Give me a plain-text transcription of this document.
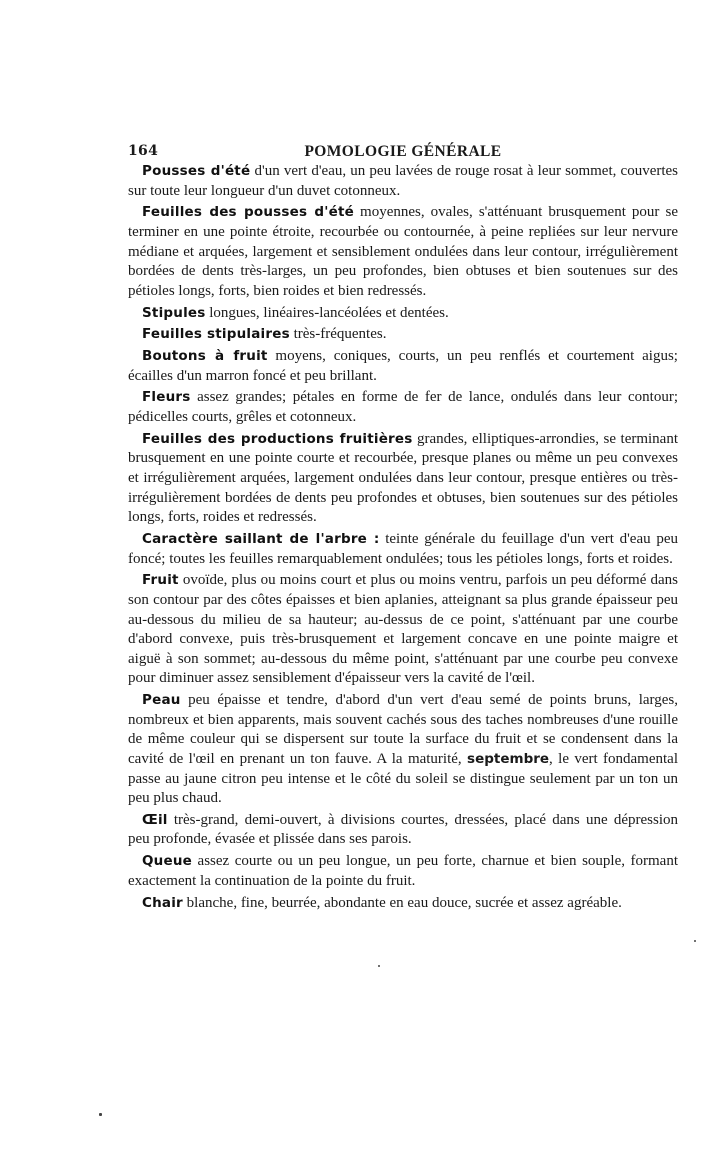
164	POMOLOGIE GÉNÉRALE

Pousses d'été d'un vert d'eau, un peu lavées de rouge rosat à leur sommet, couvertes sur toute leur longueur d'un duvet cotonneux.

Feuilles des pousses d'été moyennes, ovales, s'atténuant brusquement pour se terminer en une pointe étroite, recourbée ou contournée, à peine repliées sur leur nervure médiane et arquées, largement et sensiblement ondulées dans leur contour, irrégulièrement bordées de dents très-larges, un peu profondes, bien obtuses et bien soutenues sur des pétioles longs, forts, bien roides et bien redressés.

Stipules longues, linéaires-lancéolées et dentées.

Feuilles stipulaires très-fréquentes.

Boutons à fruit moyens, coniques, courts, un peu renflés et courtement aigus; écailles d'un marron foncé et peu brillant.

Fleurs assez grandes; pétales en forme de fer de lance, ondulés dans leur contour; pédicelles courts, grêles et cotonneux.

Feuilles des productions fruitières grandes, elliptiques-arrondies, se terminant brusquement en une pointe courte et recourbée, presque planes ou même un peu convexes et irrégulièrement arquées, largement ondulées dans leur contour, presque entières ou très-irrégulièrement bordées de dents peu profondes et obtuses, bien soutenues sur des pétioles longs, forts, roides et redressés.

Caractère saillant de l'arbre : teinte générale du feuillage d'un vert d'eau peu foncé; toutes les feuilles remarquablement ondulées; tous les pétioles longs, forts et roides.

Fruit ovoïde, plus ou moins court et plus ou moins ventru, parfois un peu déformé dans son contour par des côtes épaisses et bien aplanies, atteignant sa plus grande épaisseur peu au-dessous du milieu de sa hauteur; au-dessus de ce point, s'atténuant par une courbe d'abord convexe, puis très-brusquement et largement concave en une pointe maigre et aiguë à son sommet; au-dessous du même point, s'atténuant par une courbe peu convexe pour diminuer assez sensiblement d'épaisseur vers la cavité de l'œil.

Peau peu épaisse et tendre, d'abord d'un vert d'eau semé de points bruns, larges, nombreux et bien apparents, mais souvent cachés sous des taches nombreuses d'une rouille de même couleur qui se dispersent sur toute la surface du fruit et se condensent dans la cavité de l'œil en prenant un ton fauve. A la maturité, septembre, le vert fondamental passe au jaune citron peu intense et le côté du soleil se distingue seulement par un ton un peu plus chaud.

Œil très-grand, demi-ouvert, à divisions courtes, dressées, placé dans une dépression peu profonde, évasée et plissée dans ses parois.

Queue assez courte ou un peu longue, un peu forte, charnue et bien souple, formant exactement la continuation de la pointe du fruit.

Chair blanche, fine, beurrée, abondante en eau douce, sucrée et assez agréable.
